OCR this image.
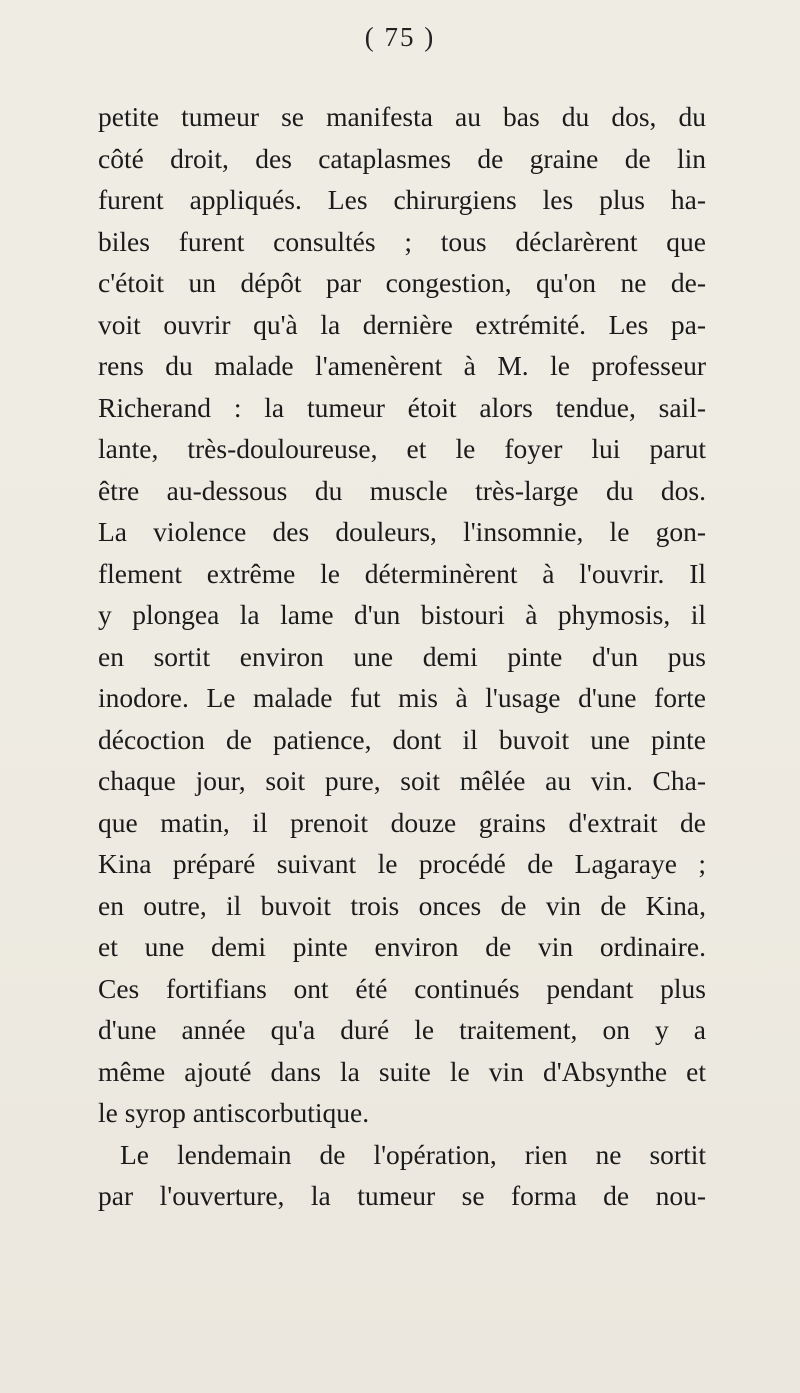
( 75 )
petite tumeur se manifesta au bas du dos, du
côté droit, des cataplasmes de graine de lin
furent appliqués. Les chirurgiens les plus ha-
biles furent consultés ; tous déclarèrent que
c'étoit un dépôt par congestion, qu'on ne de-
voit ouvrir qu'à la dernière extrémité. Les pa-
rens du malade l'amenèrent à M. le professeur
Richerand : la tumeur étoit alors tendue, sail-
lante, très-douloureuse, et le foyer lui parut
être au-dessous du muscle très-large du dos.
La violence des douleurs, l'insomnie, le gon-
flement extrême le déterminèrent à l'ouvrir. Il
y plongea la lame d'un bistouri à phymosis, il
en sortit environ une demi pinte d'un pus
inodore. Le malade fut mis à l'usage d'une forte
décoction de patience, dont il buvoit une pinte
chaque jour, soit pure, soit mêlée au vin. Cha-
que matin, il prenoit douze grains d'extrait de
Kina préparé suivant le procédé de Lagaraye ;
en outre, il buvoit trois onces de vin de Kina,
et une demi pinte environ de vin ordinaire.
Ces fortifians ont été continués pendant plus
d'une année qu'a duré le traitement, on y a
même ajouté dans la suite le vin d'Absynthe et
le syrop antiscorbutique.
Le lendemain de l'opération, rien ne sortit
par l'ouverture, la tumeur se forma de nou-
